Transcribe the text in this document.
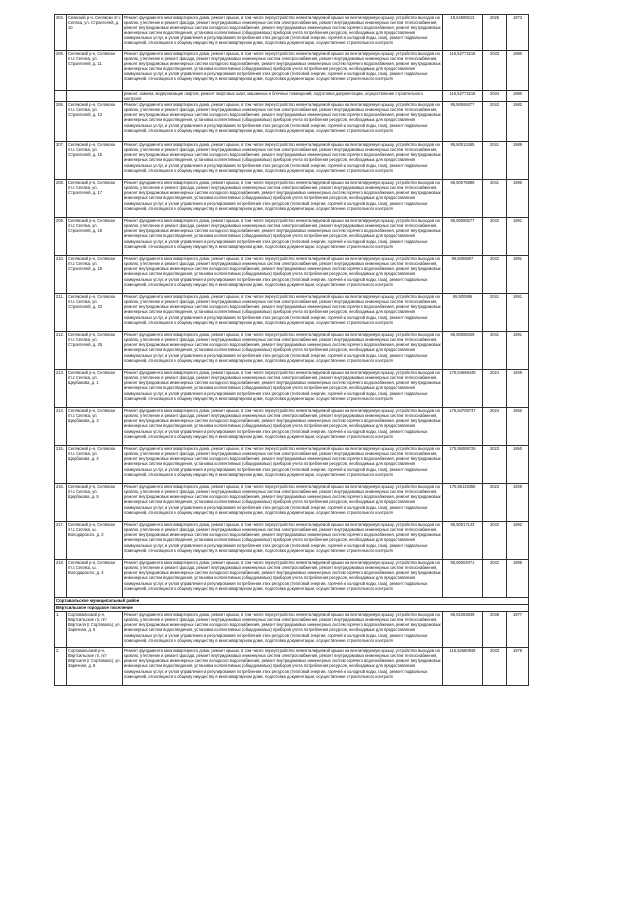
204.	Сеякский р-н, Селякски пт.с Селяха, ул. Строителей, д. 10	Ремонт фундамента многоквартирного дома, ремонт крыши, в том числе переустройство невентилируемой крыши на вентилируемую крышу, устройство выходов на кровлю, утепление и ремонт фасада, ремонт внутридомовых инженерных систем электроснабжения, ремонт внутридомовых инженерных систем теплоснабжения, ремонт внутридомовых инженерных систем холодного водоснабжения, ремонт внутридомовых инженерных систем горячего водоснабжения, ремонт внутридомовых инженерных систем водоотведения, установка коллективных (общедомовых) приборов учета потребления ресурсов, необходимых для предоставления коммунальных услуг, и узлов управления и регулирования потребления этих ресурсов (тепловой энергии, горячей и холодной воды, газа), ремонт подвальных помещений, относящихся к общему имуществу в многоквартирном доме, подготовка документации, осуществление строительного контроля	18,54589213	2025	1973
205.	Селякский р-н, Селякски пт.с Селяха, ул. Строителей, д. 11	Ремонт фундамента многоквартирного дома, ремонт крыши, в том числе переустройство невентилируемой крыши на вентилируемую крышу, устройство выходов на кровлю, утепление и ремонт фасада, ремонт внутридомовых инженерных систем электроснабжения, ремонт внутридомовых инженерных систем теплоснабжения, ремонт внутридомовых инженерных систем холодного водоснабжения, ремонт внутридомовых инженерных систем горячего водоснабжения, ремонт внутридомовых инженерных систем водоотведения, установка коллективных (общедомовых) приборов учета потребления ресурсов, необходимых для предоставления коммунальных услуг, и узлов управления и регулирования потребления этих ресурсов (тепловой энергии, горячей и холодной воды, газа), ремонт подвальных помещений, относящихся к общему имуществу в многоквартирном доме, подготовка документации, осуществление строительного контроля	115,52773215	2033	1980
		ремонт, замена, модернизация лифтов, ремонт лифтовых шахт, машинных и блочных помещений, подготовка документации, осуществление строительного контроля	115,52773215	2034	1980
206.	Селякский р-н, Селякски пт.с Селяха, ул. Строителей, д. 13	Ремонт фундамента многоквартирного дома, ремонт крыши, в том числе переустройство невентилируемой крыши на вентилируемую крышу, устройство выходов на кровлю, утепление и ремонт фасада, ремонт внутридомовых инженерных систем электроснабжения, ремонт внутридомовых инженерных систем теплоснабжения, ремонт внутридомовых инженерных систем холодного водоснабжения, ремонт внутридомовых инженерных систем горячего водоснабжения, ремонт внутридомовых инженерных систем водоотведения, установка коллективных (общедомовых) приборов учета потребления ресурсов, необходимых для предоставления коммунальных услуг, и узлов управления и регулирования потребления этих ресурсов (тепловой энергии, горячей и холодной воды, газа), ремонт подвальных помещений, относящихся к общему имуществу в многоквартирном доме, подготовка документации, осуществление строительного контроля	95,50069277	2042	1982
207.	Селякский р-н, Селякски пт.с Селяха, ул. Строителей, д. 15	Ремонт фундамента многоквартирного дома, ремонт крыши, в том числе переустройство невентилируемой крыши на вентилируемую крышу, устройство выходов на кровлю, утепление и ремонт фасада, ремонт внутридомовых инженерных систем электроснабжения, ремонт внутридомовых инженерных систем теплоснабжения, ремонт внутридомовых инженерных систем холодного водоснабжения, ремонт внутридомовых инженерных систем горячего водоснабжения, ремонт внутридомовых инженерных систем водоотведения, установка коллективных (общедомовых) приборов учета потребления ресурсов, необходимых для предоставления коммунальных услуг, и узлов управления и регулирования потребления этих ресурсов (тепловой энергии, горячей и холодной воды, газа), ремонт подвальных помещений, относящихся к общему имуществу в многоквартирном доме, подготовка документации, осуществление строительного контроля	95,50013455	2041	1989
208.	Селякский р-н, Селякски пт.с Селяха, ул. Строителей, д. 17	Ремонт фундамента многоквартирного дома, ремонт крыши, в том числе переустройство невентилируемой крыши на вентилируемую крышу, устройство выходов на кровлю, утепление и ремонт фасада, ремонт внутридомовых инженерных систем электроснабжения, ремонт внутридомовых инженерных систем теплоснабжения, ремонт внутридомовых инженерных систем холодного водоснабжения, ремонт внутридомовых инженерных систем горячего водоснабжения, ремонт внутридомовых инженерных систем водоотведения, установка коллективных (общедомовых) приборов учета потребления ресурсов, необходимых для предоставления коммунальных услуг, и узлов управления и регулирования потребления этих ресурсов (тепловой энергии, горячей и холодной воды, газа), ремонт подвальных помещений, относящихся к общему имуществу в многоквартирном доме, подготовка документации, осуществление строительного контроля	95,50075888	2041	1990
209.	Селякский р-н, Селякски пт.с Селяха, ул. Строителей, д. 18	Ремонт фундамента многоквартирного дома, ремонт крыши, в том числе переустройство невентилируемой крыши на вентилируемую крышу, устройство выходов на кровлю, утепление и ремонт фасада, ремонт внутридомовых инженерных систем электроснабжения, ремонт внутридомовых инженерных систем теплоснабжения, ремонт внутридомовых инженерных систем холодного водоснабжения, ремонт внутридомовых инженерных систем горячего водоснабжения, ремонт внутридомовых инженерных систем водоотведения, установка коллективных (общедомовых) приборов учета потребления ресурсов, необходимых для предоставления коммунальных услуг, и узлов управления и регулирования потребления этих ресурсов (тепловой энергии, горячей и холодной воды, газа), ремонт подвальных помещений, относящихся к общему имуществу в многоквартирном доме, подготовка документации, осуществление строительного контроля	95,50069277	2042	1991
210.	Селякский р-н, Селякски пт.с Селяха, ул. Строителей, д. 19	Ремонт фундамента многоквартирного дома, ремонт крыши, в том числе переустройство невентилируемой крыши на вентилируемую крышу, устройство выходов на кровлю, утепление и ремонт фасада, ремонт внутридомовых инженерных систем электроснабжения, ремонт внутридомовых инженерных систем теплоснабжения, ремонт внутридомовых инженерных систем холодного водоснабжения, ремонт внутридомовых инженерных систем горячего водоснабжения, ремонт внутридомовых инженерных систем водоотведения, установка коллективных (общедомовых) приборов учета потребления ресурсов, необходимых для предоставления коммунальных услуг, и узлов управления и регулирования потребления этих ресурсов (тепловой энергии, горячей и холодной воды, газа), ремонт подвальных помещений, относящихся к общему имуществу в многоквартирном доме, подготовка документации, осуществление строительного контроля	95,5008807	2042	1991
211.	Селякский р-н, Селякски пт.с Селяха, ул. Строителей, д. 23	Ремонт фундамента многоквартирного дома, ремонт крыши, в том числе переустройство невентилируемой крыши на вентилируемую крышу, устройство выходов на кровлю, утепление и ремонт фасада, ремонт внутридомовых инженерных систем электроснабжения, ремонт внутридомовых инженерных систем теплоснабжения, ремонт внутридомовых инженерных систем холодного водоснабжения, ремонт внутридомовых инженерных систем горячего водоснабжения, ремонт внутридомовых инженерных систем водоотведения, установка коллективных (общедомовых) приборов учета потребления ресурсов, необходимых для предоставления коммунальных услуг, и узлов управления и регулирования потребления этих ресурсов (тепловой энергии, горячей и холодной воды, газа), ремонт подвальных помещений, относящихся к общему имуществу в многоквартирном доме, подготовка документации, осуществление строительного контроля	95,500995	2041	1991
212.	Селякский р-н, Селякски пт.с Селяха, ул. Строителей, д. 25	Ремонт фундамента многоквартирного дома, ремонт крыши, в том числе переустройство невентилируемой крыши на вентилируемую крышу, устройство выходов на кровлю, утепление и ремонт фасада, ремонт внутридомовых инженерных систем электроснабжения, ремонт внутридомовых инженерных систем теплоснабжения, ремонт внутридомовых инженерных систем холодного водоснабжения, ремонт внутридомовых инженерных систем горячего водоснабжения, ремонт внутридомовых инженерных систем водоотведения, установка коллективных (общедомовых) приборов учета потребления ресурсов, необходимых для предоставления коммунальных услуг, и узлов управления и регулирования потребления этих ресурсов (тепловой энергии, горячей и холодной воды, газа), ремонт подвальных помещений, относящихся к общему имуществу в многоквартирном доме, подготовка документации, осуществление строительного контроля	95,50069429	2041	1991
213.	Селякский р-н, Селякски пт.с Селяха, ул. Щербакова, д. 1	Ремонт фундамента многоквартирного дома, ремонт крыши, в том числе переустройство невентилируемой крыши на вентилируемую крышу, устройство выходов на кровлю, утепление и ремонт фасада, ремонт внутридомовых инженерных систем электроснабжения, ремонт внутридомовых инженерных систем теплоснабжения, ремонт внутридомовых инженерных систем холодного водоснабжения, ремонт внутридомовых инженерных систем горячего водоснабжения, ремонт внутридомовых инженерных систем водоотведения, установка коллективных (общедомовых) приборов учета потребления ресурсов, необходимых для предоставления коммунальных услуг, и узлов управления и регулирования потребления этих ресурсов (тепловой энергии, горячей и холодной воды, газа), ремонт подвальных помещений, относящихся к общему имуществу в многоквартирном доме, подготовка документации, осуществление строительного контроля	175,54668445	2024	1949
214.	Селякский р-н, Селякски пт.с Селяха, ул. Щербакова, д. 3	Ремонт фундамента многоквартирного дома, ремонт крыши, в том числе переустройство невентилируемой крыши на вентилируемую крышу, устройство выходов на кровлю, утепление и ремонт фасада, ремонт внутридомовых инженерных систем электроснабжения, ремонт внутридомовых инженерных систем теплоснабжения, ремонт внутридомовых инженерных систем холодного водоснабжения, ремонт внутридомовых инженерных систем горячего водоснабжения, ремонт внутридомовых инженерных систем водоотведения, установка коллективных (общедомовых) приборов учета потребления ресурсов, необходимых для предоставления коммунальных услуг, и узлов управления и регулирования потребления этих ресурсов (тепловой энергии, горячей и холодной воды, газа), ремонт подвальных помещений, относящихся к общему имуществу в многоквартирном доме, подготовка документации, осуществление строительного контроля	175,54708737	2024	1950
215.	Селякский р-н, Селякски пт.с Селяха, ул. Щербакова, д. 4	Ремонт фундамента многоквартирного дома, ремонт крыши, в том числе переустройство невентилируемой крыши на вентилируемую крышу, устройство выходов на кровлю, утепление и ремонт фасада, ремонт внутридомовых инженерных систем электроснабжения, ремонт внутридомовых инженерных систем теплоснабжения, ремонт внутридомовых инженерных систем холодного водоснабжения, ремонт внутридомовых инженерных систем горячего водоснабжения, ремонт внутридомовых инженерных систем водоотведения, установка коллективных (общедомовых) приборов учета потребления ресурсов, необходимых для предоставления коммунальных услуг, и узлов управления и регулирования потребления этих ресурсов (тепловой энергии, горячей и холодной воды, газа), ремонт подвальных помещений, относящихся к общему имуществу в многоквартирном доме, подготовка документации, осуществление строительного контроля	175,55089725	2023	1950
216.	Селякский р-н, Селякски пт.с Селяха, ул. Щербакова, д. 5	Ремонт фундамента многоквартирного дома, ремонт крыши, в том числе переустройство невентилируемой крыши на вентилируемую крышу, устройство выходов на кровлю, утепление и ремонт фасада, ремонт внутридомовых инженерных систем электроснабжения, ремонт внутридомовых инженерных систем теплоснабжения, ремонт внутридомовых инженерных систем холодного водоснабжения, ремонт внутридомовых инженерных систем горячего водоснабжения, ремонт внутридомовых инженерных систем водоотведения, установка коллективных (общедомовых) приборов учета потребления ресурсов, необходимых для предоставления коммунальных услуг, и узлов управления и регулирования потребления этих ресурсов (тепловой энергии, горячей и холодной воды, газа), ремонт подвальных помещений, относящихся к общему имуществу в многоквартирном доме, подготовка документации, осуществление строительного контроля	175,55119355	2023	1938
217.	Селякский р-н, Селякски пт.с Селяха, ш. Володарского, д. 2	Ремонт фундамента многоквартирного дома, ремонт крыши, в том числе переустройство невентилируемой крыши на вентилируемую крышу, устройство выходов на кровлю, утепление и ремонт фасада, ремонт внутридомовых инженерных систем электроснабжения, ремонт внутридомовых инженерных систем теплоснабжения, ремонт внутридомовых инженерных систем холодного водоснабжения, ремонт внутридомовых инженерных систем горячего водоснабжения, ремонт внутридомовых инженерных систем водоотведения, установка коллективных (общедомовых) приборов учета потребления ресурсов, необходимых для предоставления коммунальных услуг, и узлов управления и регулирования потребления этих ресурсов (тепловой энергии, горячей и холодной воды, газа), ремонт подвальных помещений, относящихся к общему имуществу в многоквартирном доме, подготовка документации, осуществление строительного контроля	95,50017143	2042	1992
218.	Селякский р-н, Селякски пт.с Селяха, ш. Володарского, д. 4	Ремонт фундамента многоквартирного дома, ремонт крыши, в том числе переустройство невентилируемой крыши на вентилируемую крышу, устройство выходов на кровлю, утепление и ремонт фасада, ремонт внутридомовых инженерных систем электроснабжения, ремонт внутридомовых инженерных систем теплоснабжения, ремонт внутридомовых инженерных систем холодного водоснабжения, ремонт внутридомовых инженерных систем горячего водоснабжения, ремонт внутридомовых инженерных систем водоотведения, установка коллективных (общедомовых) приборов учета потребления ресурсов, необходимых для предоставления коммунальных услуг, и узлов управления и регулирования потребления этих ресурсов (тепловой энергии, горячей и холодной воды, газа), ремонт подвальных помещений, относящихся к общему имуществу в многоквартирном доме, подготовка документации, осуществление строительного контроля	95,50004071	2042	1995
Сортавальское муниципальный район					
Вяртсильское городское поселение					
1.	Сортавальский р-н, Вяртсильское гп, пгт Вяртсиля (г Сортавала), ул. Заречная, д. 6	Ремонт фундамента многоквартирного дома, ремонт крыши, в том числе переустройство невентилируемой крыши на вентилируемую крышу, устройство выходов на кровлю, утепление и ремонт фасада, ремонт внутридомовых инженерных систем электроснабжения, ремонт внутридомовых инженерных систем теплоснабжения, ремонт внутридомовых инженерных систем холодного водоснабжения, ремонт внутридомовых инженерных систем горячего водоснабжения, ремонт внутридомовых инженерных систем водоотведения, установка коллективных (общедомовых) приборов учета потребления ресурсов, необходимых для предоставления коммунальных услуг, и узлов управления и регулирования потребления этих ресурсов (тепловой энергии, горячей и холодной воды, газа), ремонт подвальных помещений, относящихся к общему имуществу в многоквартирном доме, подготовка документации, осуществление строительного контроля	95,51083849	2038	1977
2.	Сортавальский р-н, Вяртсильское гп, пгт Вяртсиля (г Сортавала), ул. Заречная, д. 8	Ремонт фундамента многоквартирного дома, ремонт крыши, в том числе переустройство невентилируемой крыши на вентилируемую крышу, устройство выходов на кровлю, утепление и ремонт фасада, ремонт внутридомовых инженерных систем электроснабжения, ремонт внутридомовых инженерных систем теплоснабжения, ремонт внутридомовых инженерных систем холодного водоснабжения, ремонт внутридомовых инженерных систем горячего водоснабжения, ремонт внутридомовых инженерных систем водоотведения, установка коллективных (общедомовых) приборов учета потребления ресурсов, необходимых для предоставления коммунальных услуг, и узлов управления и регулирования потребления этих ресурсов (тепловой энергии, горячей и холодной воды, газа), ремонт подвальных помещений, относящихся к общему имуществу в многоквартирном доме, подготовка документации, осуществление строительного контроля	115,52680849	2033	1978
